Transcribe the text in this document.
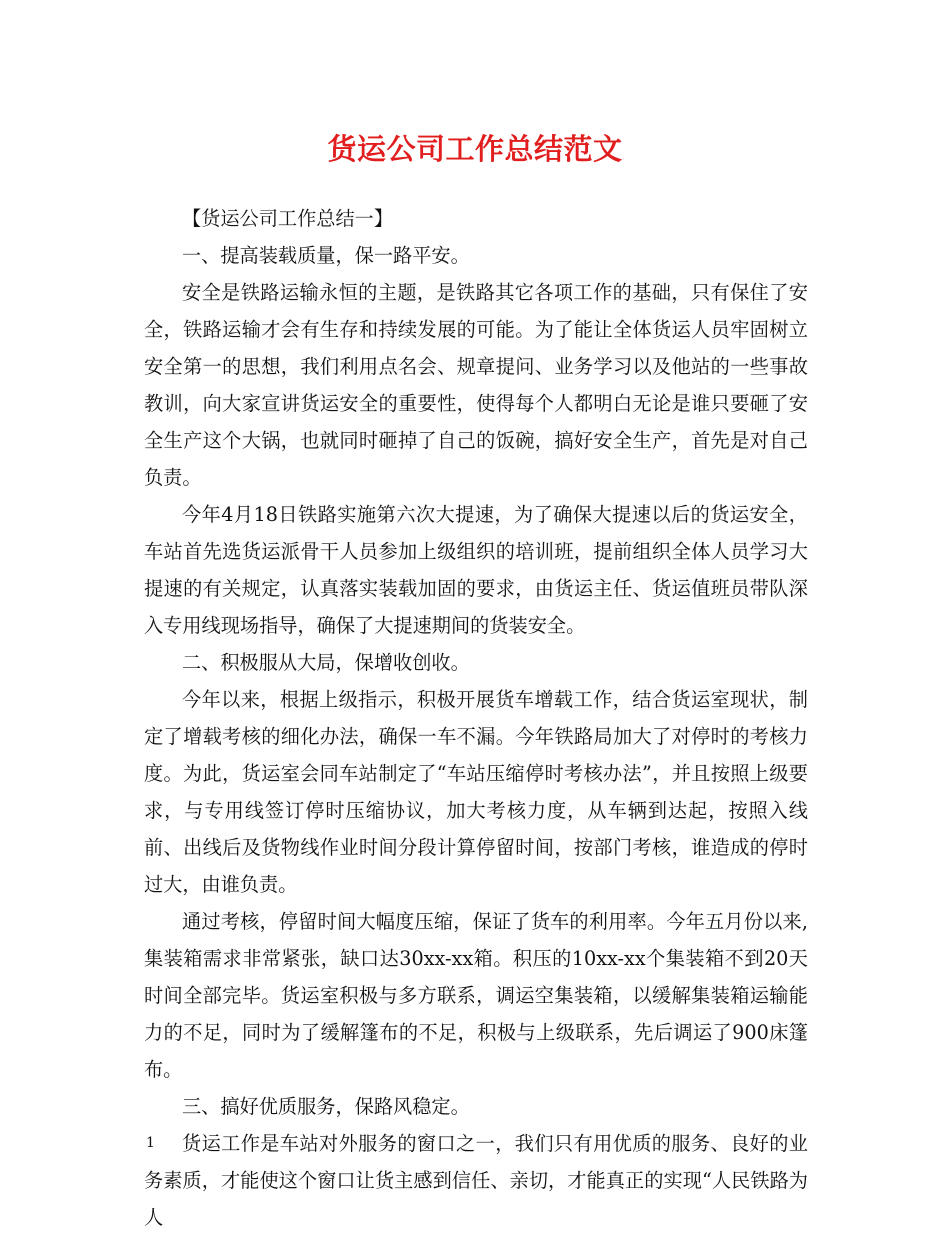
货运公司工作总结范文

【货运公司工作总结一】

一、提高装载质量，保一路平安。

安全是铁路运输永恒的主题，是铁路其它各项工作的基础，只有保住了安全，铁路运输才会有生存和持续发展的可能。为了能让全体货运人员牢固树立安全第一的思想，我们利用点名会、规章提问、业务学习以及他站的一些事故教训，向大家宣讲货运安全的重要性，使得每个人都明白无论是谁只要砸了安全生产这个大锅，也就同时砸掉了自己的饭碗，搞好安全生产，首先是对自己负责。

今年4月18日铁路实施第六次大提速，为了确保大提速以后的货运安全，车站首先选货运派骨干人员参加上级组织的培训班，提前组织全体人员学习大提速的有关规定，认真落实装载加固的要求，由货运主任、货运值班员带队深入专用线现场指导，确保了大提速期间的货装安全。

二、积极服从大局，保增收创收。

今年以来，根据上级指示，积极开展货车增载工作，结合货运室现状，制定了增载考核的细化办法，确保一车不漏。今年铁路局加大了对停时的考核力度。为此，货运室会同车站制定了“车站压缩停时考核办法”，并且按照上级要求，与专用线签订停时压缩协议，加大考核力度，从车辆到达起，按照入线前、出线后及货物线作业时间分段计算停留时间，按部门考核，谁造成的停时过大，由谁负责。

通过考核，停留时间大幅度压缩，保证了货车的利用率。今年五月份以来,集装箱需求非常紧张，缺口达30xx-xx箱。积压的10xx-xx个集装箱不到20天时间全部完毕。货运室积极与多方联系，调运空集装箱，以缓解集装箱运输能力的不足，同时为了缓解篷布的不足，积极与上级联系，先后调运了900床篷布。

三、搞好优质服务，保路风稳定。

货运工作是车站对外服务的窗口之一，我们只有用优质的服务、良好的业务素质，才能使这个窗口让货主感到信任、亲切，才能真正的实现“人民铁路为人

1
